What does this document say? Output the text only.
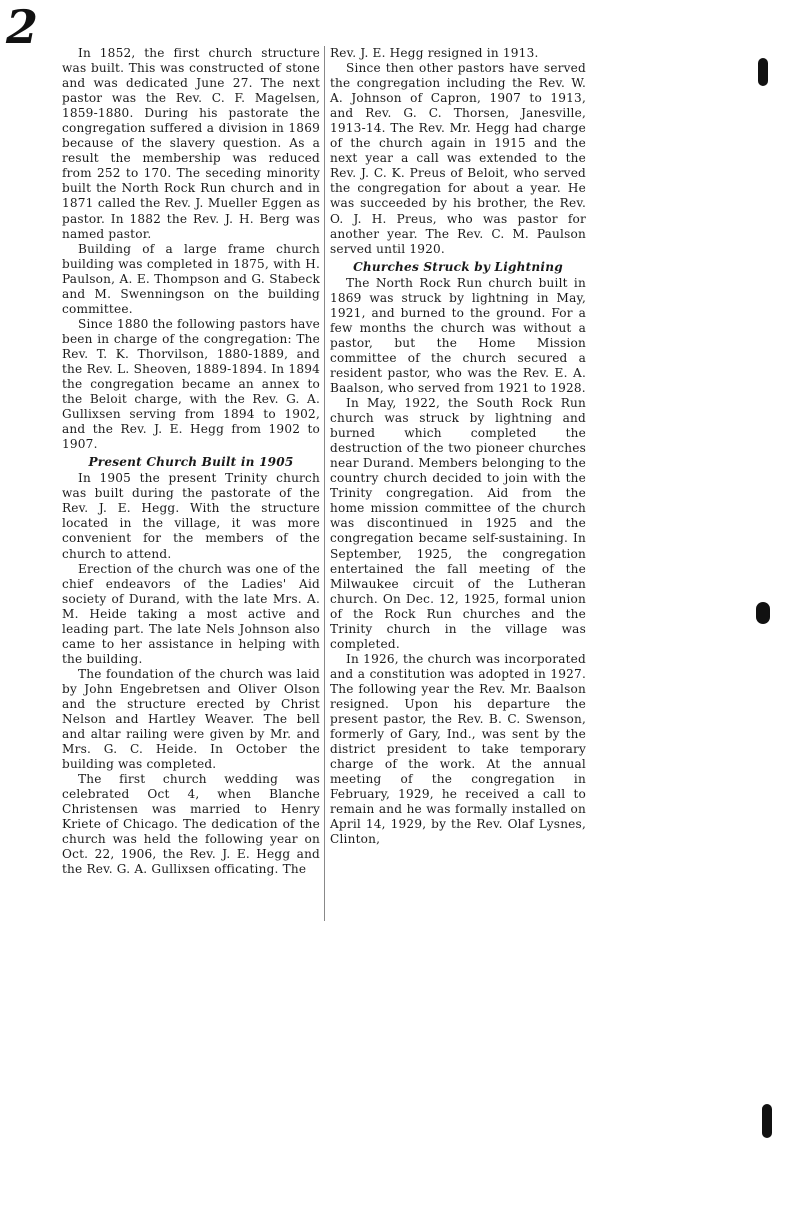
2	In 1852, the first church structure was built. This was constructed of stone and was dedicated June 27. The next pastor was the Rev. C. F. Magelsen, 1859-1880. During his pastorate the congregation suffered a division in 1869 because of the slavery question. As a result the membership was reduced from 252 to 170. The seceding minority built the North Rock Run church and in 1871 called the Rev. J. Mueller Eggen as pastor. In 1882 the Rev. J. H. Berg was named pastor.

Building of a large frame church building was completed in 1875, with H. Paulson, A. E. Thompson and G. Stabeck and M. Swenningson on the building committee.

Since 1880 the following pastors have been in charge of the congregation: The Rev. T. K. Thorvilson, 1880-1889, and the Rev. L. Sheoven, 1889-1894. In 1894 the congregation became an annex to the Beloit charge, with the Rev. G. A. Gullixsen serving from 1894 to 1902, and the Rev. J. E. Hegg from 1902 to 1907.

Present Church Built in 1905

In 1905 the present Trinity church was built during the pastorate of the Rev. J. E. Hegg. With the structure located in the village, it was more convenient for the members of the church to attend.

Erection of the church was one of the chief endeavors of the Ladies' Aid society of Durand, with the late Mrs. A. M. Heide taking a most active and leading part. The late Nels Johnson also came to her assistance in helping with the building.

The foundation of the church was laid by John Engebretsen and Oliver Olson and the structure erected by Christ Nelson and Hartley Weaver. The bell and altar railing were given by Mr. and Mrs. G. C. Heide. In October the building was completed.

The first church wedding was celebrated Oct 4, when Blanche Christensen was married to Henry Kriete of Chicago. The dedication of the church was held the following year on Oct. 22, 1906, the Rev. J. E. Hegg and the Rev. G. A. Gullixsen officating. The

Rev. J. E. Hegg resigned in 1913.

Since then other pastors have served the congregation including the Rev. W. A. Johnson of Capron, 1907 to 1913, and Rev. G. C. Thorsen, Janesville, 1913-14. The Rev. Mr. Hegg had charge of the church again in 1915 and the next year a call was extended to the Rev. J. C. K. Preus of Beloit, who served the congregation for about a year. He was succeeded by his brother, the Rev. O. J. H. Preus, who was pastor for another year. The Rev. C. M. Paulson served until 1920.

Churches Struck by Lightning

The North Rock Run church built in 1869 was struck by lightning in May, 1921, and burned to the ground. For a few months the church was without a pastor, but the Home Mission committee of the church secured a resident pastor, who was the Rev. E. A. Baalson, who served from 1921 to 1928.

In May, 1922, the South Rock Run church was struck by lightning and burned which completed the destruction of the two pioneer churches near Durand. Members belonging to the country church decided to join with the Trinity congregation. Aid from the home mission committee of the church was discontinued in 1925 and the congregation became self-sustaining. In September, 1925, the congregation entertained the fall meeting of the Milwaukee circuit of the Lutheran church. On Dec. 12, 1925, formal union of the Rock Run churches and the Trinity church in the village was completed.

In 1926, the church was incorporated and a constitution was adopted in 1927. The following year the Rev. Mr. Baalson resigned. Upon his departure the present pastor, the Rev. B. C. Swenson, formerly of Gary, Ind., was sent by the district president to take temporary charge of the work. At the annual meeting of the congregation in February, 1929, he received a call to remain and he was formally installed on April 14, 1929, by the Rev. Olaf Lysnes, Clinton,
